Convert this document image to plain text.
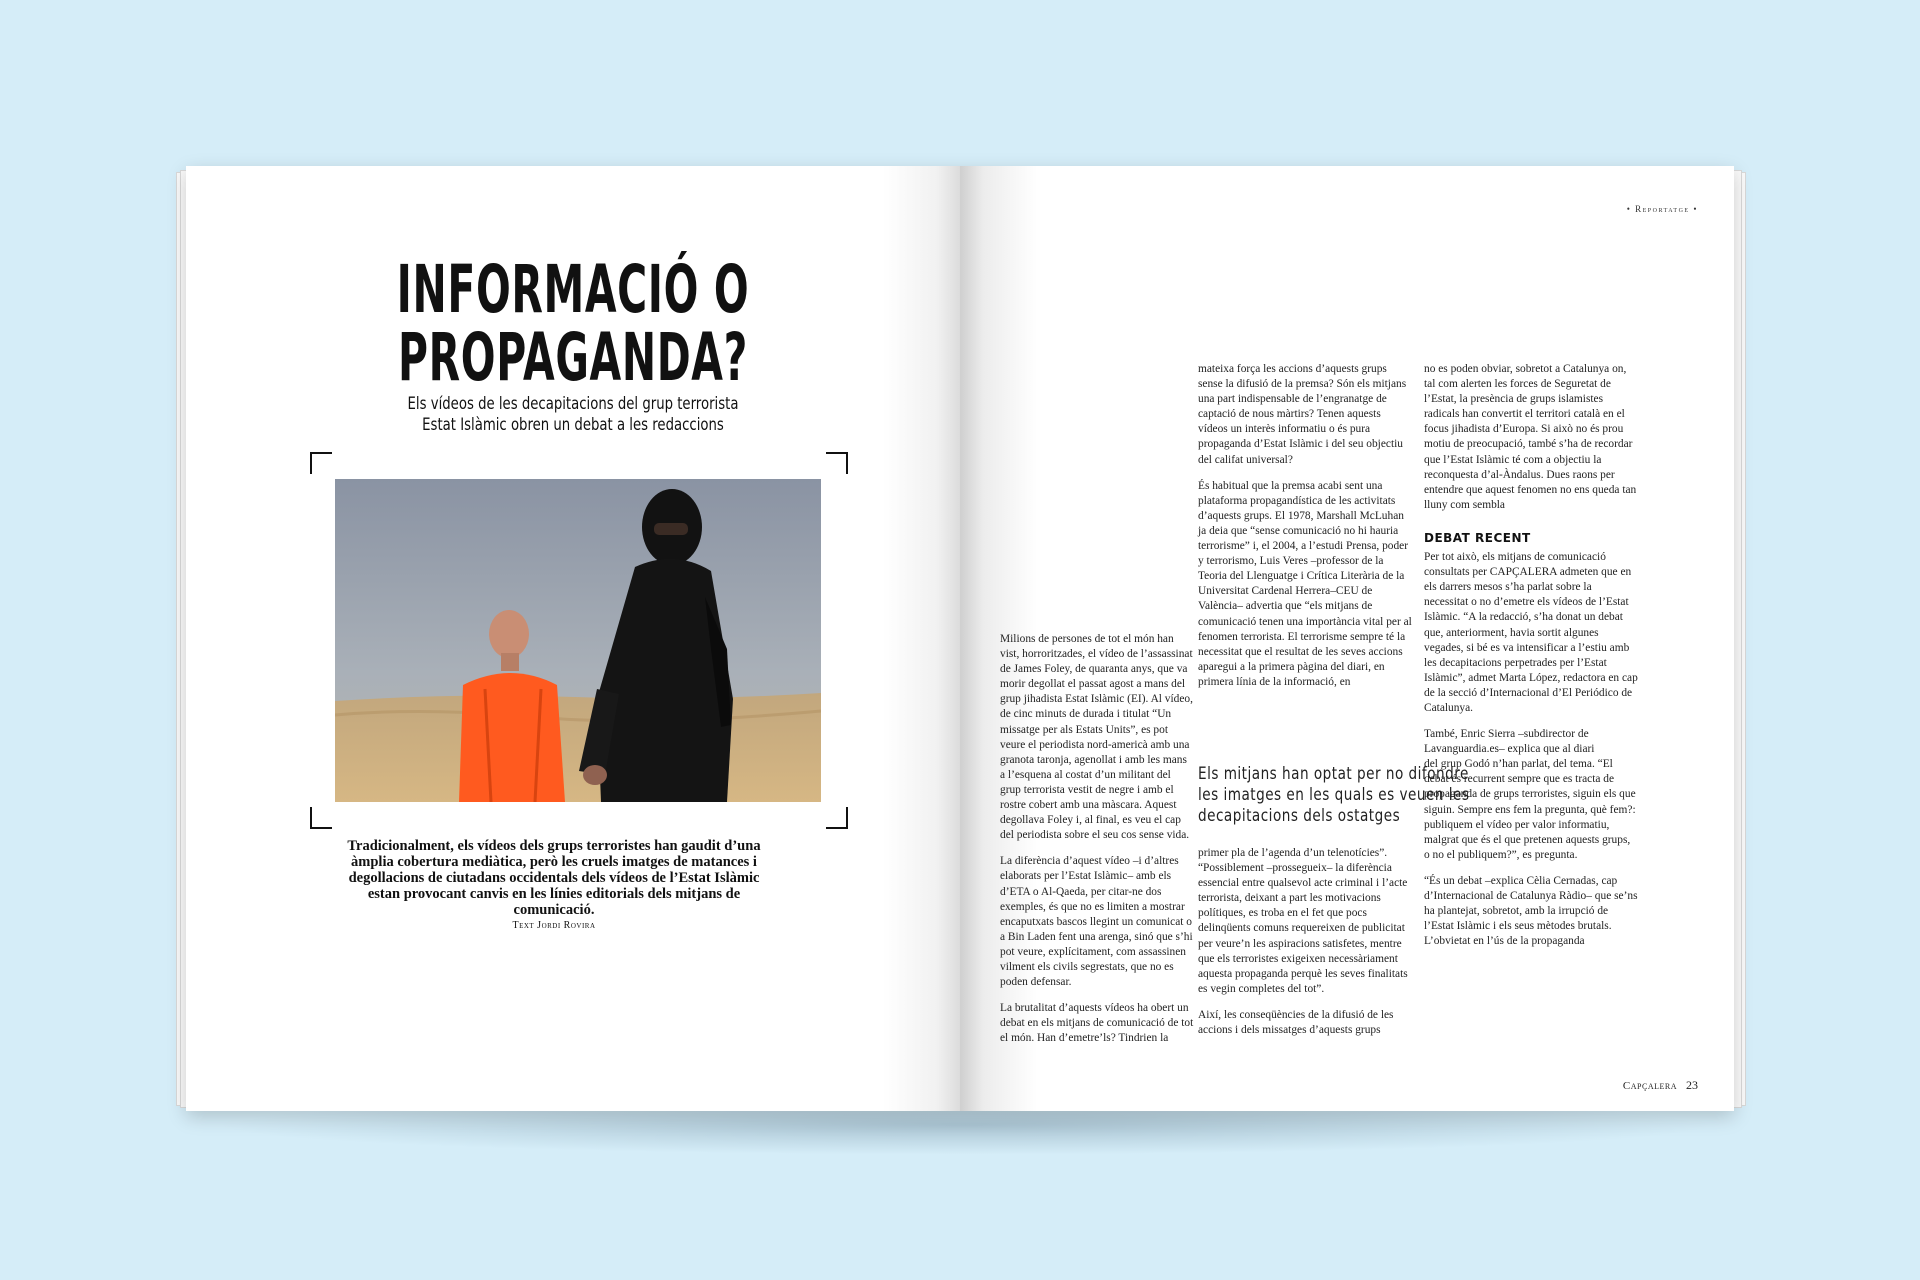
INFORMACIÓ O
PROPAGANDA?
Els vídeos de les decapitacions del grup terrorista
Estat Islàmic obren un debat a les redaccions
Tradicionalment, els vídeos dels grups terroristes han gaudit d’una àmplia cobertura mediàtica, però les cruels imatges de matances i degollacions de ciutadans occidentals dels vídeos de l’Estat Islàmic estan provocant canvis en les línies editorials dels mitjans de comunicació.
Text Jordi Rovira
• Reportatge •

Milions de persones de tot el món han vist, horroritzades, el vídeo de l’assassinat de James Foley, de quaranta anys, que va morir degollat el passat agost a mans del grup jihadista Estat Islàmic (EI). Al vídeo, de cinc minuts de durada i titulat “Un missatge per als Estats Units”, es pot veure el periodista nord-americà amb una granota taronja, agenollat i amb les mans a l’esquena al costat d’un militant del grup terrorista vestit de negre i amb el rostre cobert amb una màscara. Aquest degollava Foley i, al final, es veu el cap del periodista sobre el seu cos sense vida.

La diferència d’aquest vídeo –i d’altres elaborats per l’Estat Islàmic– amb els d’ETA o Al-Qaeda, per citar-ne dos exemples, és que no es limiten a mostrar encaputxats bascos llegint un comunicat o a Bin Laden fent una arenga, sinó que s’hi pot veure, explícitament, com assassinen vilment els civils segrestats, que no es poden defensar.

La brutalitat d’aquests vídeos ha obert un debat en els mitjans de comunicació de tot el món. Han d’emetre’ls? Tindrien la

mateixa força les accions d’aquests grups sense la difusió de la premsa? Són els mitjans una part indispensable de l’engranatge de captació de nous màrtirs? Tenen aquests vídeos un interès informatiu o és pura propaganda d’Estat Islàmic i del seu objectiu del califat universal?

És habitual que la premsa acabi sent una plataforma propagandística de les activitats d’aquests grups. El 1978, Marshall McLuhan ja deia que “sense comunicació no hi hauria terrorisme” i, el 2004, a l’estudi Prensa, poder y terrorismo, Luis Veres –professor de la Teoria del Llenguatge i Crítica Literària de la Universitat Cardenal Herrera–CEU de València– advertia que “els mitjans de comunicació tenen una importància vital per al fenomen terrorista. El terrorisme sempre té la necessitat que el resultat de les seves accions aparegui a la primera pàgina del diari, en primera línia de la informació, en

Els mitjans han optat per no difondre
les imatges en les quals es veuen les
decapitacions dels ostatges

primer pla de l’agenda d’un telenotícies”. “Possiblement –prossegueix– la diferència essencial entre qualsevol acte criminal i l’acte terrorista, deixant a part les motivacions polítiques, es troba en el fet que pocs delinqüents comuns requereixen de publicitat per veure’n les aspiracions satisfetes, mentre que els terroristes exigeixen necessàriament aquesta propaganda perquè les seves finalitats es vegin completes del tot”.

Així, les conseqüències de la difusió de les accions i dels missatges d’aquests grups

no es poden obviar, sobretot a Catalunya on, tal com alerten les forces de Seguretat de l’Estat, la presència de grups islamistes radicals han convertit el territori català en el focus jihadista d’Europa. Si això no és prou motiu de preocupació, també s’ha de recordar que l’Estat Islàmic té com a objectiu la reconquesta d’al-Àndalus. Dues raons per entendre que aquest fenomen no ens queda tan lluny com sembla

DEBAT RECENT

Per tot això, els mitjans de comunicació consultats per CAPÇALERA admeten que en els darrers mesos s’ha parlat sobre la necessitat o no d’emetre els vídeos de l’Estat Islàmic. “A la redacció, s’ha donat un debat que, anteriorment, havia sortit algunes vegades, si bé es va intensificar a l’estiu amb les decapitacions perpetrades per l’Estat Islàmic”, admet Marta López, redactora en cap de la secció d’Internacional d’El Periódico de Catalunya.

També, Enric Sierra –subdirector de Lavanguardia.es– explica que al diari

del grup Godó n’han parlat, del tema. “El debat és recurrent sempre que es tracta de propaganda de grups terroristes, siguin els que siguin. Sempre ens fem la pregunta, què fem?: publiquem el vídeo per valor informatiu, malgrat que és el que pretenen aquests grups, o no el publiquem?”, es pregunta.

“És un debat –explica Cèlia Cernadas, cap d’Internacional de Catalunya Ràdio– que se’ns ha plantejat, sobretot, amb la irrupció de l’Estat Islàmic i els seus mètodes brutals. L’obvietat en l’ús de la propaganda

Capçalera 23
